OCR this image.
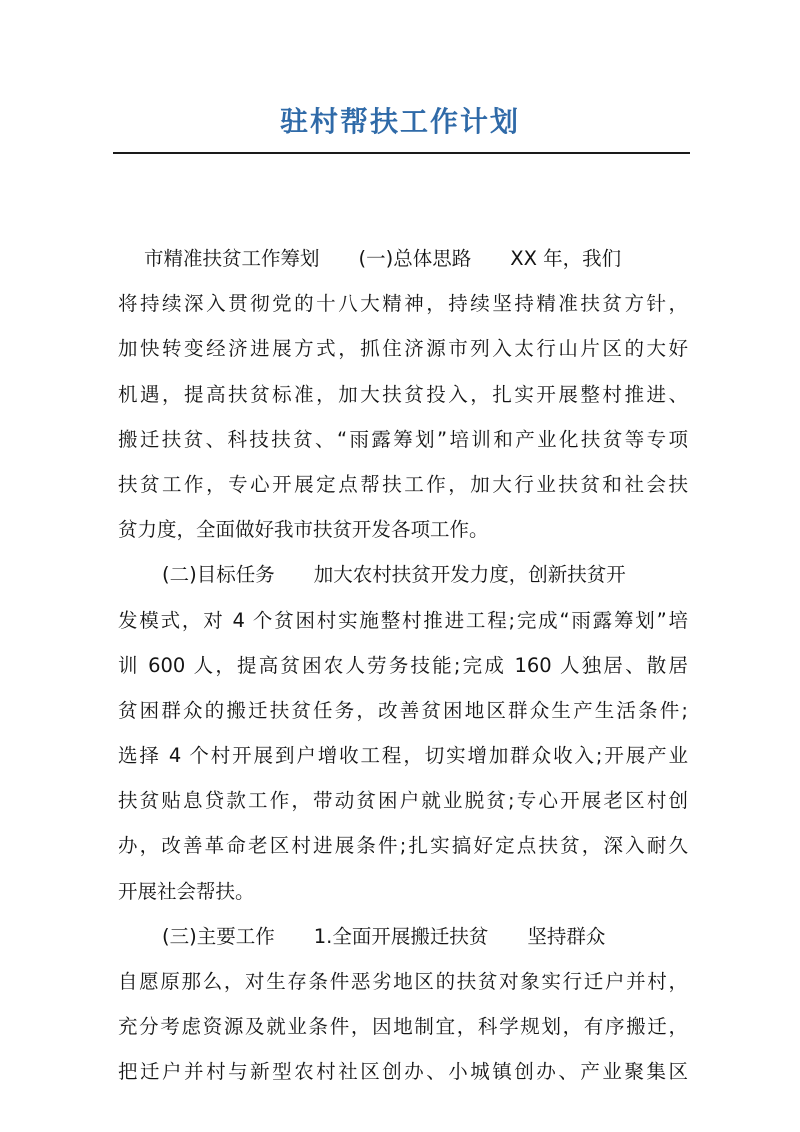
驻村帮扶工作计划
市精准扶贫工作筹划　　(一)总体思路　　XX 年，我们
将持续深入贯彻党的十八大精神，持续坚持精准扶贫方针，
加快转变经济进展方式，抓住济源市列入太行山片区的大好
机遇，提高扶贫标准，加大扶贫投入，扎实开展整村推进、
搬迁扶贫、科技扶贫、“雨露筹划”培训和产业化扶贫等专项
扶贫工作，专心开展定点帮扶工作，加大行业扶贫和社会扶
贫力度，全面做好我市扶贫开发各项工作。
(二)目标任务　　加大农村扶贫开发力度，创新扶贫开
发模式，对 4 个贫困村实施整村推进工程;完成“雨露筹划”培
训 600 人，提高贫困农人劳务技能;完成 160 人独居、散居
贫困群众的搬迁扶贫任务，改善贫困地区群众生产生活条件;
选择 4 个村开展到户增收工程，切实增加群众收入;开展产业
扶贫贴息贷款工作，带动贫困户就业脱贫;专心开展老区村创
办，改善革命老区村进展条件;扎实搞好定点扶贫，深入耐久
开展社会帮扶。
(三)主要工作　　1.全面开展搬迁扶贫　　坚持群众
自愿原那么，对生存条件恶劣地区的扶贫对象实行迁户并村，
充分考虑资源及就业条件，因地制宜，科学规划，有序搬迁，
把迁户并村与新型农村社区创办、小城镇创办、产业聚集区
